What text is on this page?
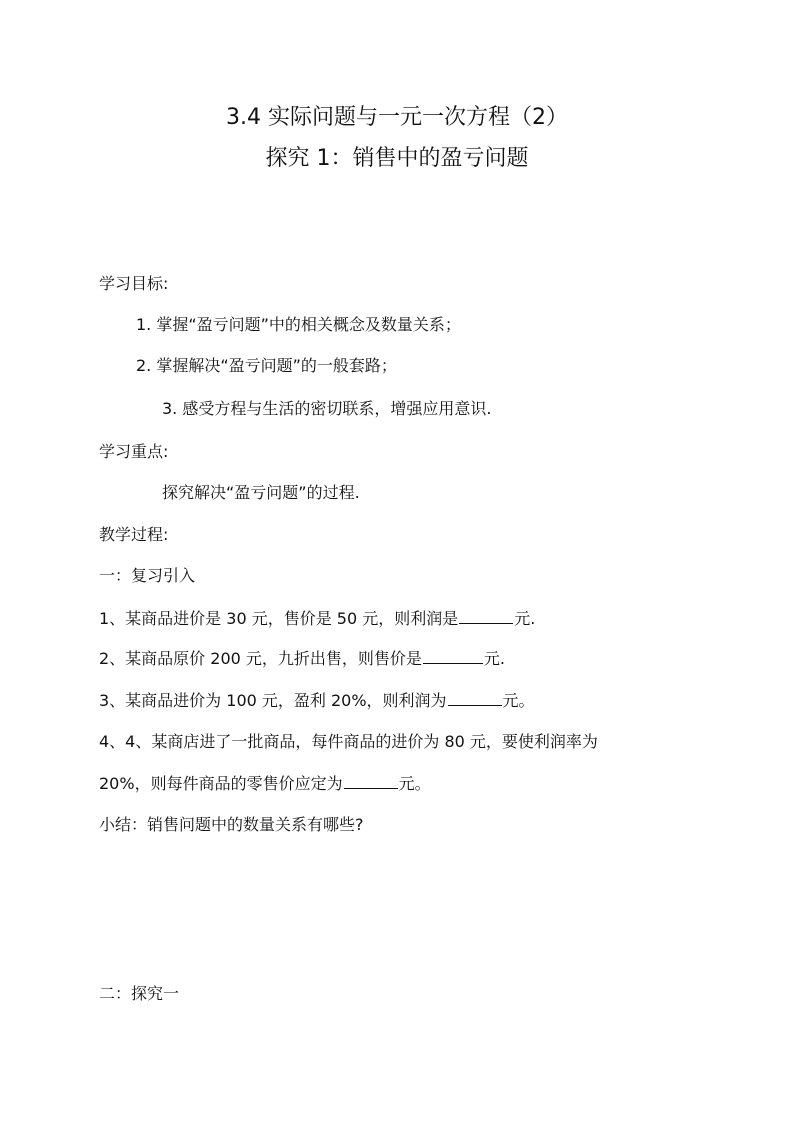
3.4 实际问题与一元一次方程（2）
探究 1：销售中的盈亏问题
学习目标:
1. 掌握“盈亏问题”中的相关概念及数量关系；
2. 掌握解决“盈亏问题”的一般套路；
3. 感受方程与生活的密切联系，增强应用意识.
学习重点:
探究解决“盈亏问题”的过程.
教学过程:
一：复习引入
1、某商品进价是 30 元，售价是 50 元，则利润是	元.
2、某商品原价 200 元，九折出售，则售价是	元.
3、某商品进价为 100 元，盈利 20%，则利润为	元。
4、4、某商店进了一批商品，每件商品的进价为 80 元，要使利润率为
20%，则每件商品的零售价应定为	元。
小结：销售问题中的数量关系有哪些?
二：探究一
